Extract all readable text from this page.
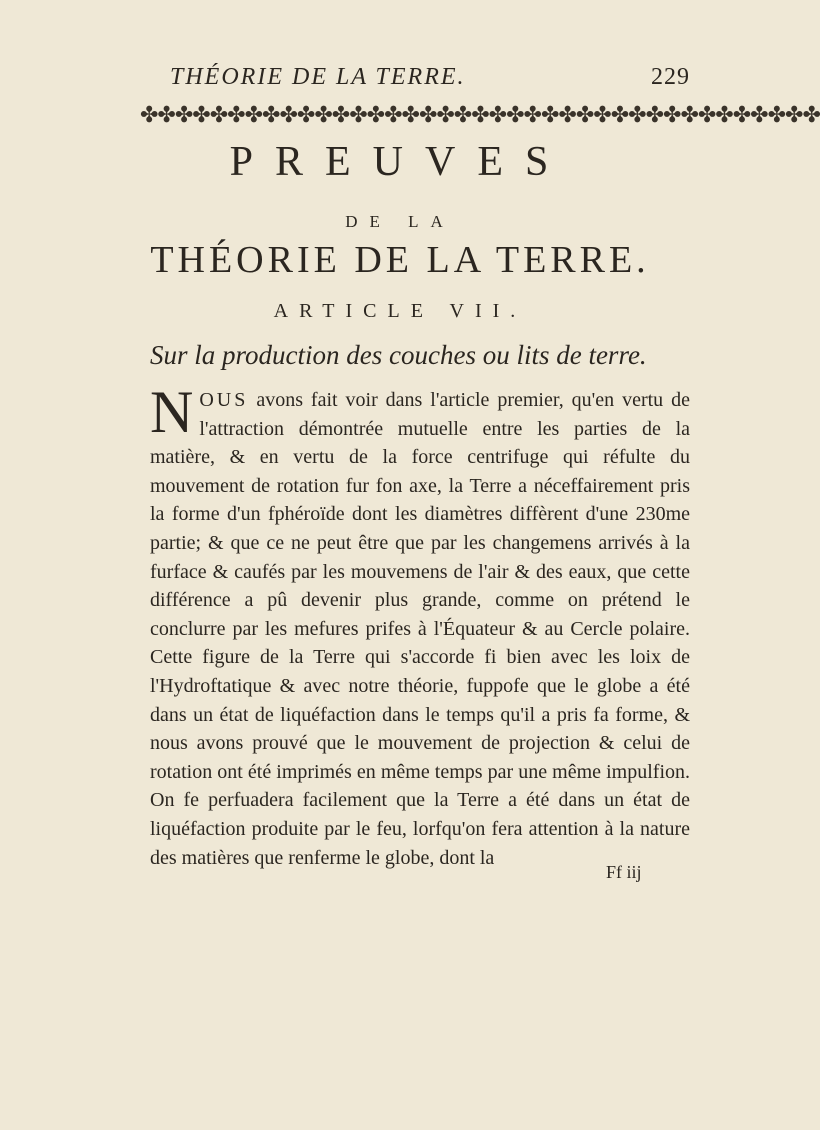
THÉORIE DE LA TERRE.	229
✤✤✤✤✤✤✤✤✤✤✤✤✤✤✤✤✤✤✤✤✤✤✤✤✤✤✤✤✤✤✤✤✤✤✤✤✤✤✤
PREUVES
DE LA
THÉORIE DE LA TERRE.
ARTICLE VII.
Sur la production des couches ou lits de terre.
N OUS avons fait voir dans l'article premier, qu'en vertu de l'attraction démontrée mutuelle entre les parties de la matière, & en vertu de la force centrifuge qui réfulte du mouvement de rotation fur fon axe, la Terre a néceffairement pris la forme d'un fphéroïde dont les diamètres diffèrent d'une 230me partie; & que ce ne peut être que par les changemens arrivés à la furface & caufés par les mouvemens de l'air & des eaux, que cette différence a pû devenir plus grande, comme on prétend le conclurre par les mefures prifes à l'Équateur & au Cercle polaire. Cette figure de la Terre qui s'accorde fi bien avec les loix de l'Hydroftatique & avec notre théorie, fuppofe que le globe a été dans un état de liquéfaction dans le temps qu'il a pris fa forme, & nous avons prouvé que le mouvement de projection & celui de rotation ont été imprimés en même temps par une même impulfion. On fe perfuadera facilement que la Terre a été dans un état de liquéfaction produite par le feu, lorfqu'on fera attention à la nature des matières que renferme le globe, dont la
Ff iij
